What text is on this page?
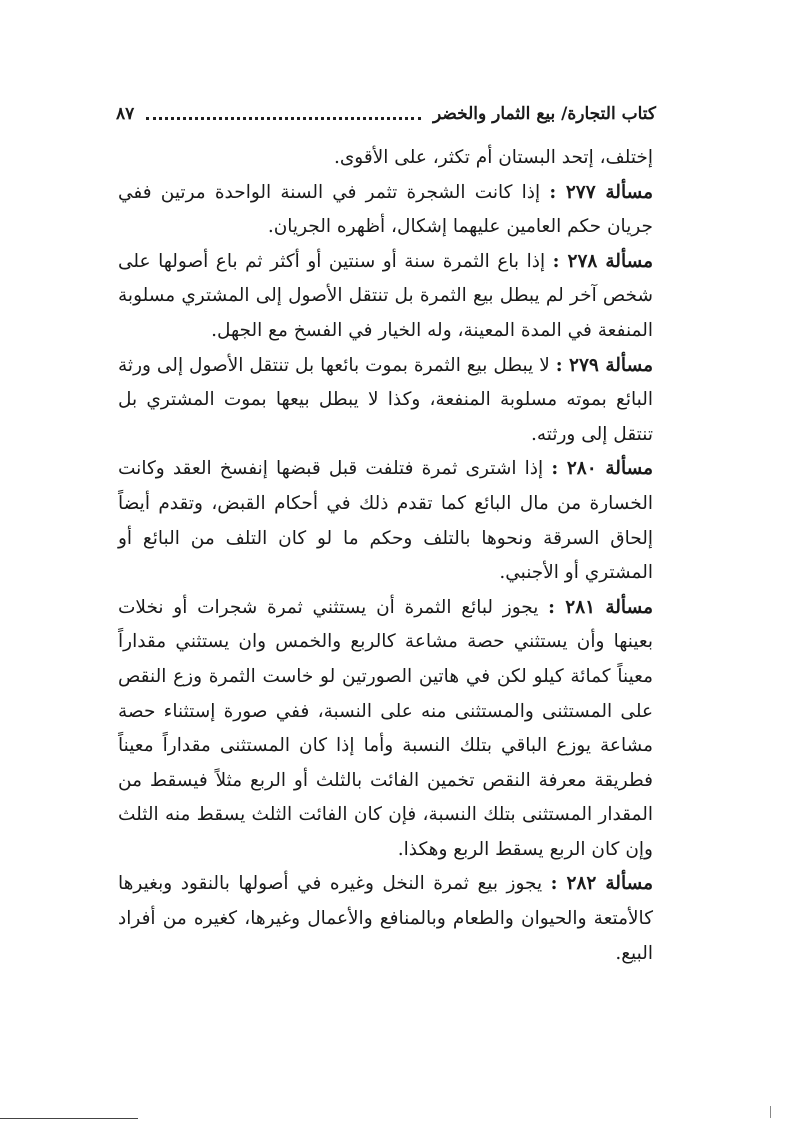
كتاب التجارة/ بيع الثمار والخضر
٨٧

إختلف، إتحد البستان أم تكثر، على الأقوى.

مسألة ٢٧٧ : إذا كانت الشجرة تثمر في السنة الواحدة مرتين ففي جريان حكم العامين عليهما إشكال، أظهره الجريان.

مسألة ٢٧٨ : إذا باع الثمرة سنة أو سنتين أو أكثر ثم باع أصولها على شخص آخر لم يبطل بيع الثمرة بل تنتقل الأصول إلى المشتري مسلوبة المنفعة في المدة المعينة، وله الخيار في الفسخ مع الجهل.

مسألة ٢٧٩ : لا يبطل بيع الثمرة بموت بائعها بل تنتقل الأصول إلى ورثة البائع بموته مسلوبة المنفعة، وكذا لا يبطل بيعها بموت المشتري بل تنتقل إلى ورثته.

مسألة ٢٨٠ : إذا اشترى ثمرة فتلفت قبل قبضها إنفسخ العقد وكانت الخسارة من مال البائع كما تقدم ذلك في أحكام القبض، وتقدم أيضاً إلحاق السرقة ونحوها بالتلف وحكم ما لو كان التلف من البائع أو المشتري أو الأجنبي.

مسألة ٢٨١ : يجوز لبائع الثمرة أن يستثني ثمرة شجرات أو نخلات بعينها وأن يستثني حصة مشاعة كالربع والخمس وان يستثني مقداراً معيناً كمائة كيلو لكن في هاتين الصورتين لو خاست الثمرة وزع النقص على المستثنى والمستثنى منه على النسبة، ففي صورة إستثناء حصة مشاعة يوزع الباقي بتلك النسبة وأما إذا كان المستثنى مقداراً معيناً فطريقة معرفة النقص تخمين الفائت بالثلث أو الربع مثلاً فيسقط من المقدار المستثنى بتلك النسبة، فإن كان الفائت الثلث يسقط منه الثلث وإن كان الربع يسقط الربع وهكذا.

مسألة ٢٨٢ : يجوز بيع ثمرة النخل وغيره في أصولها بالنقود وبغيرها كالأمتعة والحيوان والطعام وبالمنافع والأعمال وغيرها، كغيره من أفراد البيع.
